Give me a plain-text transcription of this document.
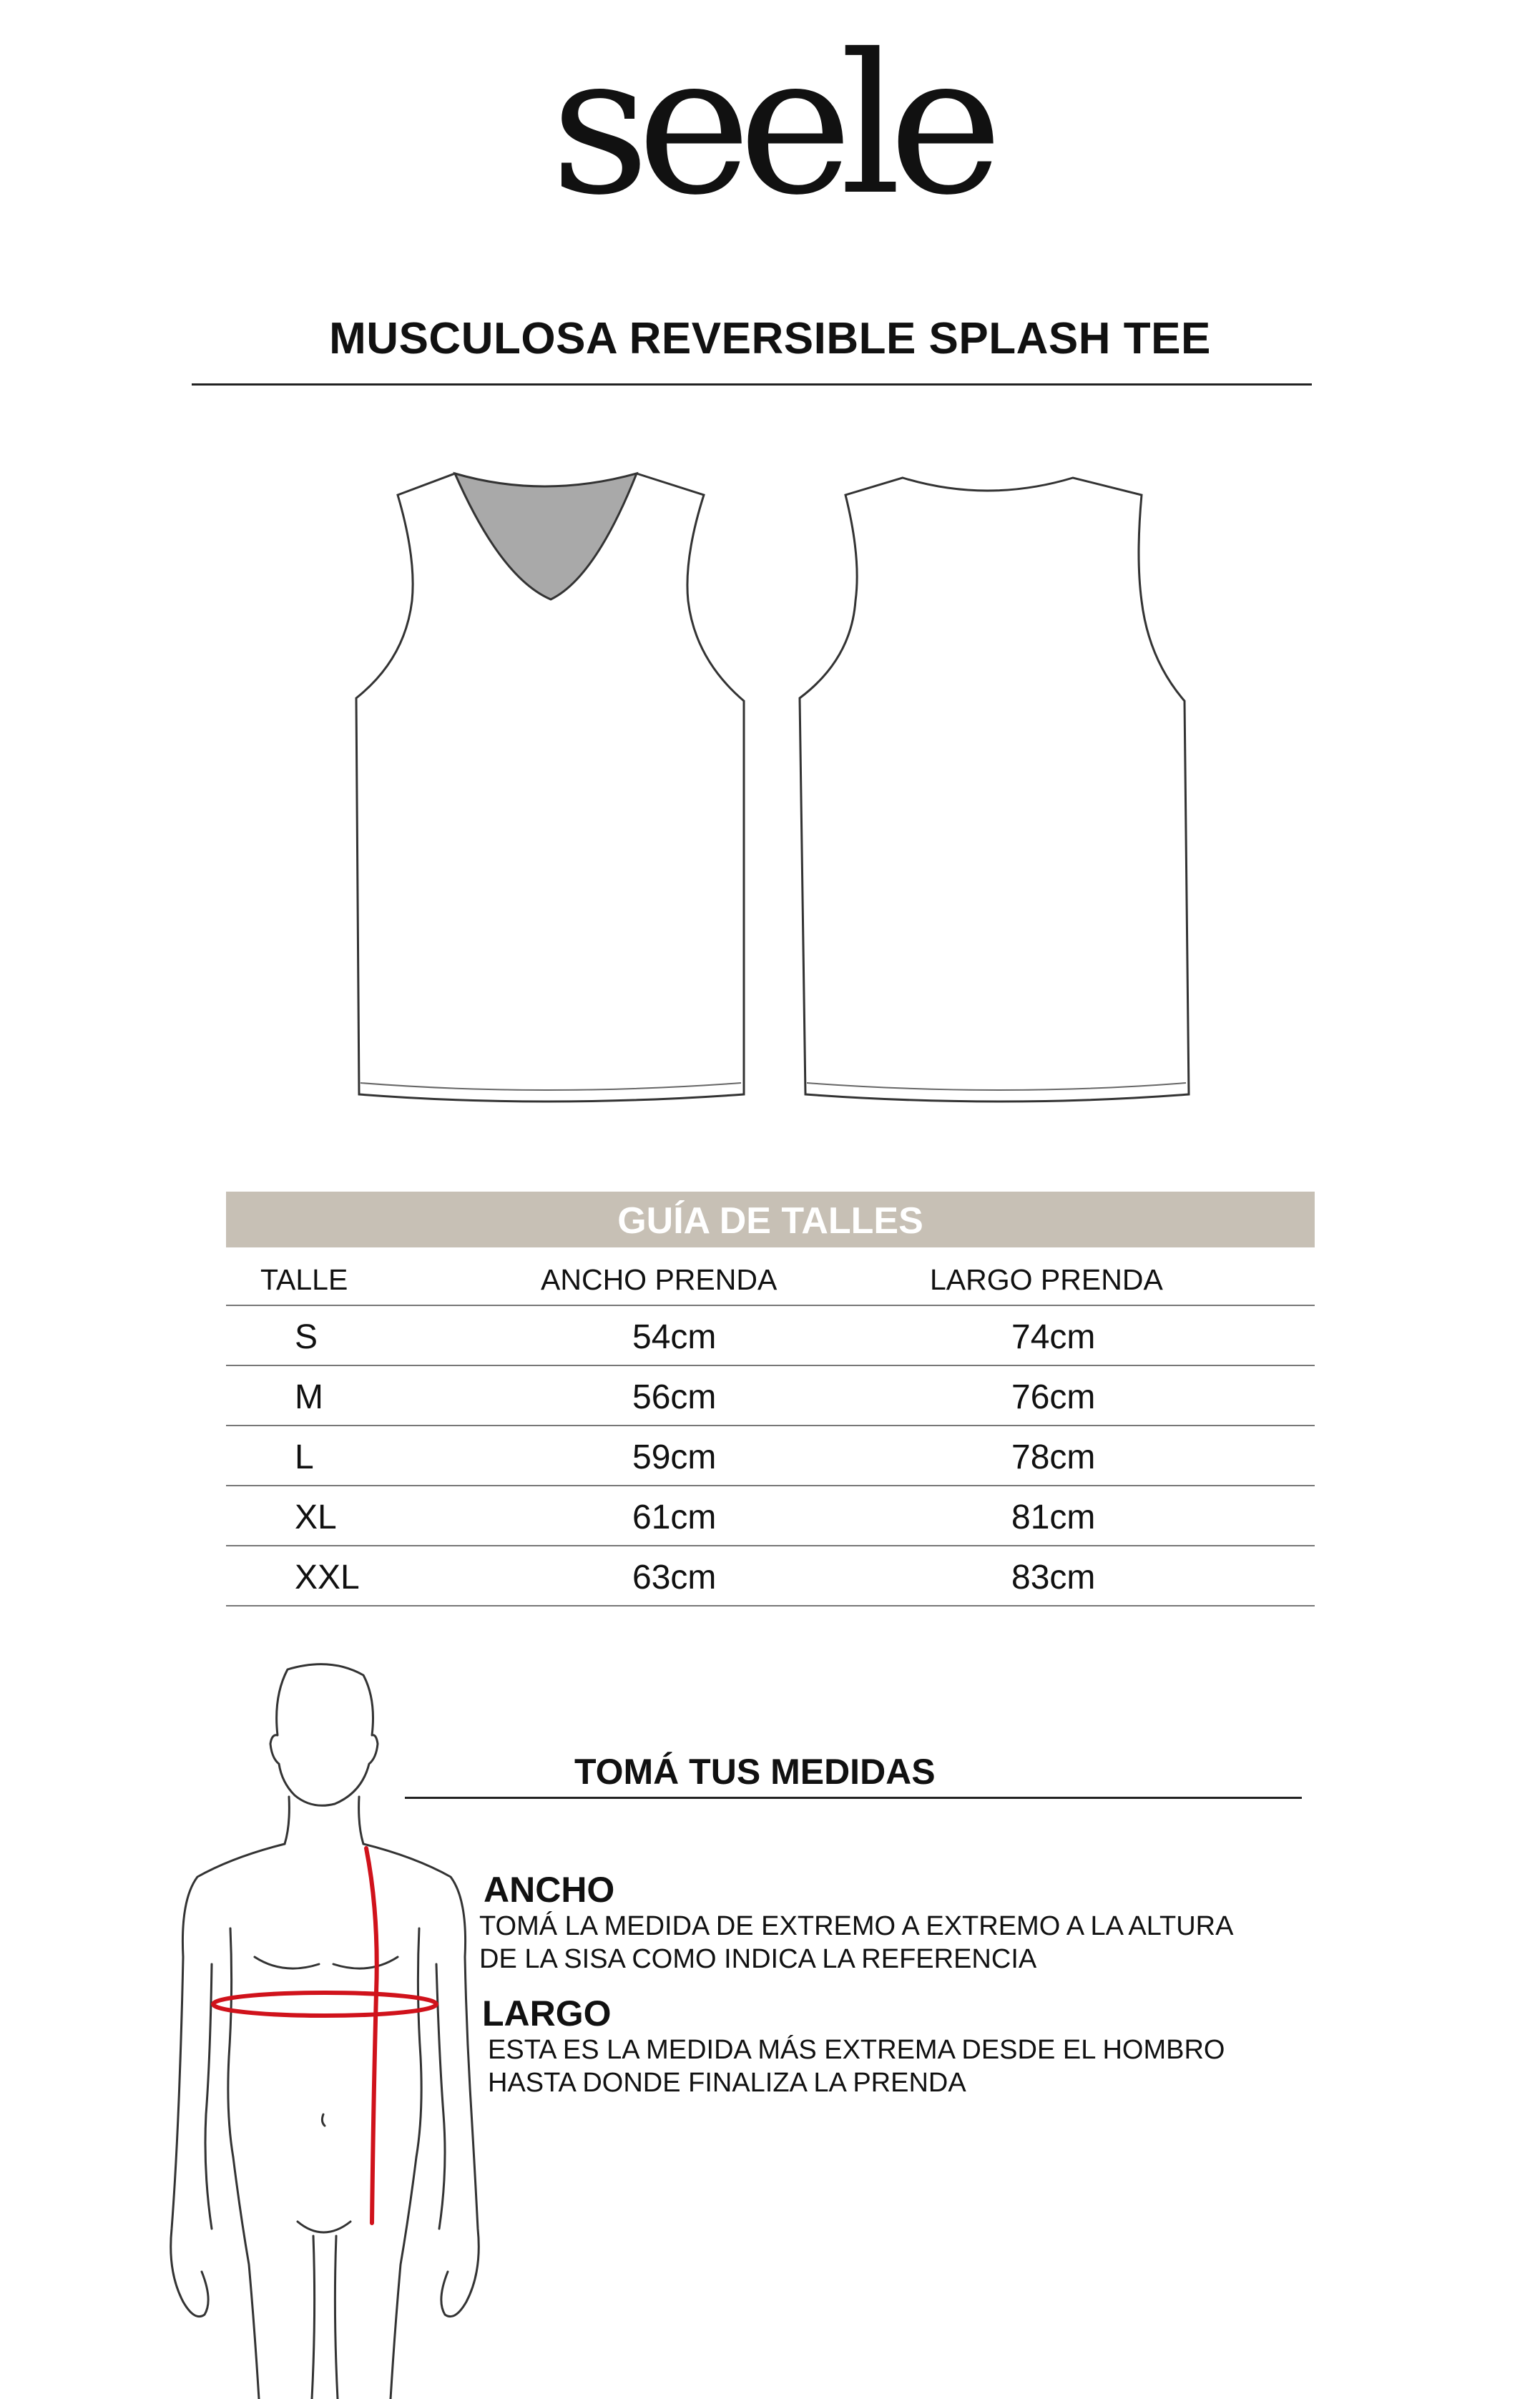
seele
MUSCULOSA REVERSIBLE SPLASH TEE
GUÍA DE TALLES
TALLE	ANCHO PRENDA	LARGO PRENDA
S	54cm	74cm
M	56cm	76cm
L	59cm	78cm
XL	61cm	81cm
XXL	63cm	83cm
TOMÁ TUS MEDIDAS
ANCHO
TOMÁ LA MEDIDA DE EXTREMO A EXTREMO A LA ALTURA
DE LA SISA COMO INDICA LA REFERENCIA
LARGO
ESTA ES LA MEDIDA MÁS EXTREMA DESDE EL HOMBRO
HASTA DONDE FINALIZA LA PRENDA
